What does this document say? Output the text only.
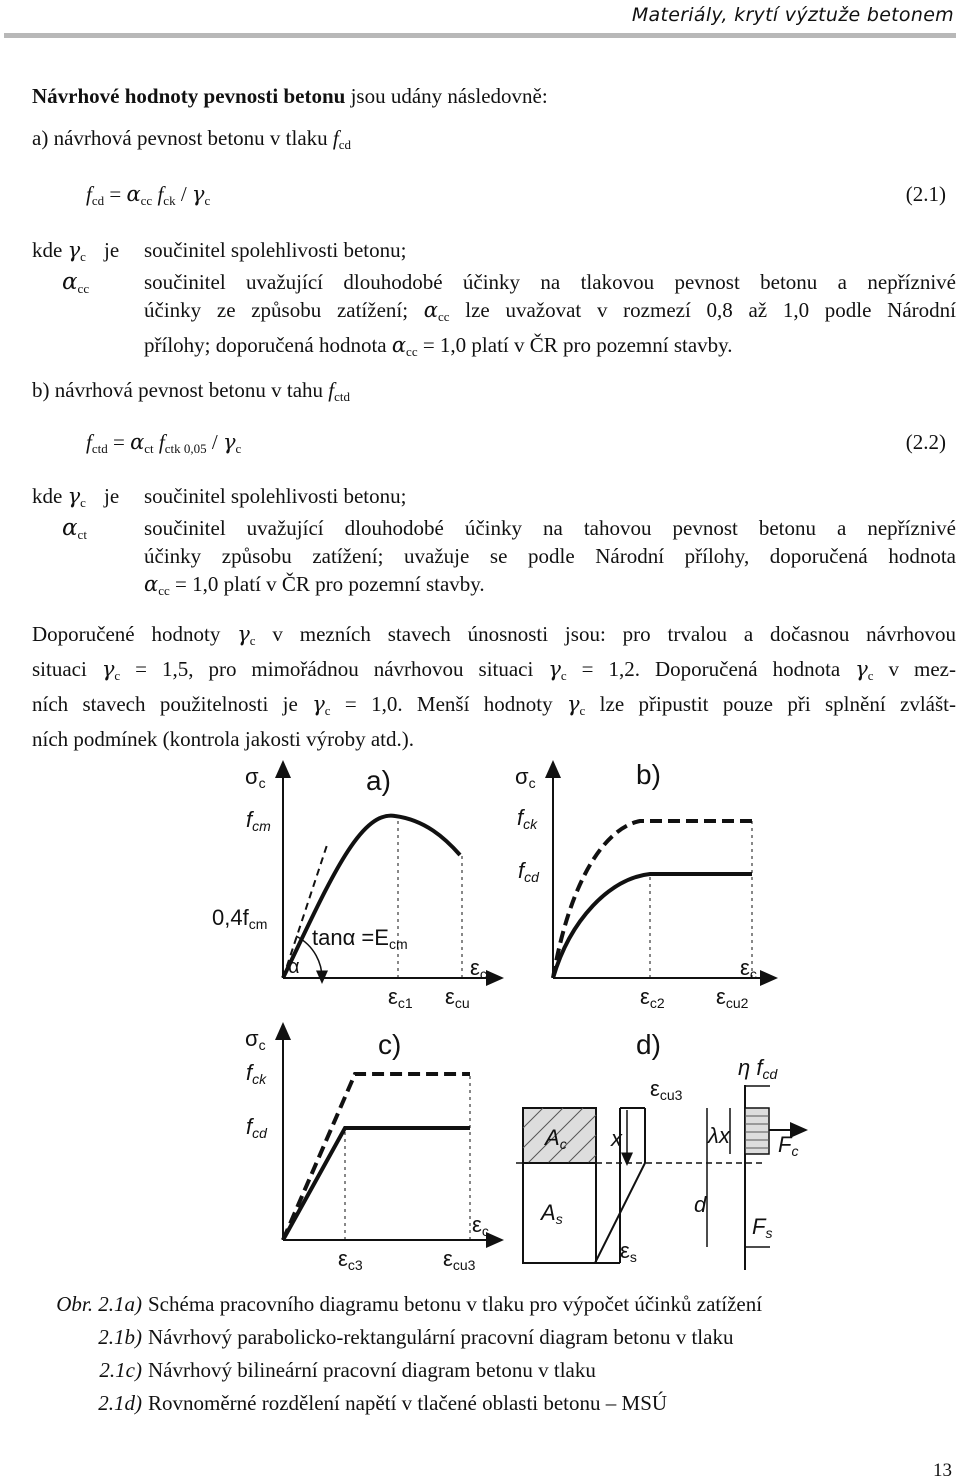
Materiály, krytí výztuže betonem
Návrhové hodnoty pevnosti betonu jsou udány následovně:
a) návrhová pevnost betonu v tlaku $f_{cd}$
$f_{cd} = \alpha_{cc}$ $f_{ck} / \gamma_c$	(2.1)
kde $\gamma_c$ je součinitel spolehlivosti betonu;
$\alpha_{cc}$	součinitel uvažující dlouhodobé účinky na tlakovou pevnost betonu a nepříznivé
účinky ze způsobu zatížení; $\alpha_{cc}$ lze uvažovat v rozmezí 0,8 až 1,0 podle Národní
přílohy; doporučená hodnota $\alpha_{cc} = 1,0$ platí v ČR pro pozemní stavby.
b) návrhová pevnost betonu v tahu $f_{ctd}$
$f_{ctd} = \alpha_{ct}$ $f_{ctk 0,05} / \gamma_c$	(2.2)
kde $\gamma_c$ je součinitel spolehlivosti betonu;
$\alpha_{ct}$	součinitel uvažující dlouhodobé účinky na tahovou pevnost betonu a nepříznivé
účinky způsobu zatížení; uvažuje se podle Národní přílohy, doporučená hodnota
$\alpha_{cc} = 1,0$ platí v ČR pro pozemní stavby.
Doporučené hodnoty $\gamma_c$ v mezních stavech únosnosti jsou: pro trvalou a dočasnou návrhovou
situaci $\gamma_c = 1,5$, pro mimořádnou návrhovou situaci $\gamma_c = 1,2$. Doporučená hodnota $\gamma_c$ v mez-
ních stavech použitelnosti je $\gamma_c = 1,0$. Menší hodnoty $\gamma_c$ lze připustit pouze při splnění zvlášt-
ních podmínek (kontrola jakosti výroby atd.).
a)
σc
fcm
0,4fcm
tanα =Ecm
α	εc
εc1 εcu
b)
σc
fck
fcd
εc
εc2 εcu2
c)
σc
fck
fcd
εc
εc3	εcu3
d)
εcu3
Ac
As
x
εs
d
λx
η fcd
Fc
Fs
Obr. 2.1a) Schéma pracovního diagramu betonu v tlaku pro výpočet účinků zatížení
2.1b) Návrhový parabolicko-rektangulární pracovní diagram betonu v tlaku
2.1c) Návrhový bilineární pracovní diagram betonu v tlaku
2.1d) Rovnoměrné rozdělení napětí v tlačené oblasti betonu – MSÚ
13
